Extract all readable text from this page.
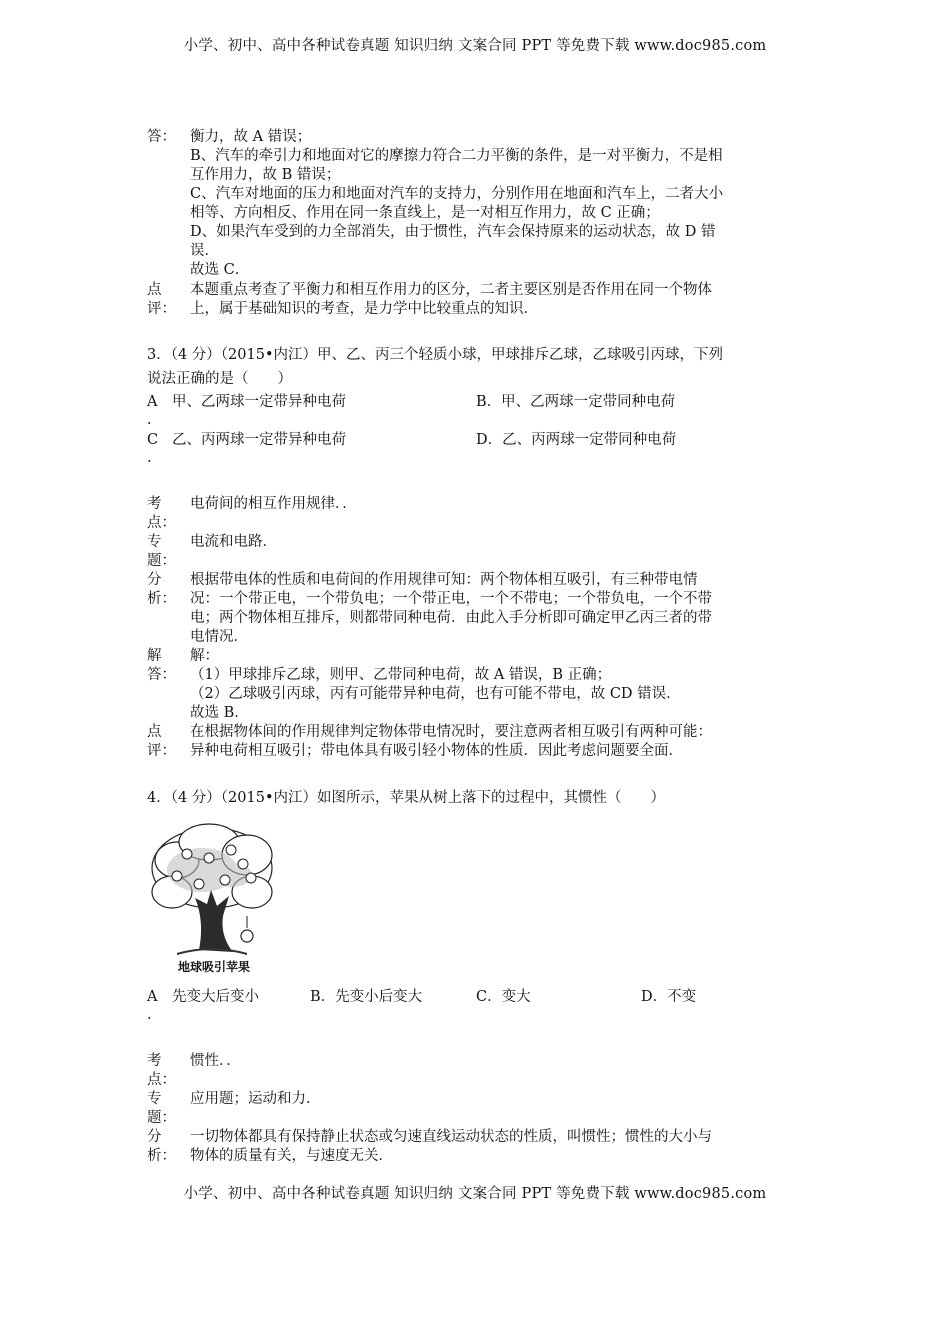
小学、初中、高中各种试卷真题 知识归纳 文案合同 PPT 等免费下载 www.doc985.com
答： 衡力，故 A 错误；
B、汽车的牵引力和地面对它的摩擦力符合二力平衡的条件，是一对平衡力，不是相
互作用力，故 B 错误；
C、汽车对地面的压力和地面对汽车的支持力，分别作用在地面和汽车上，二者大小
相等、方向相反、作用在同一条直线上，是一对相互作用力，故 C 正确；
D、如果汽车受到的力全部消失，由于惯性，汽车会保持原来的运动状态，故 D 错
误．
故选 C．
点
评：
本题重点考查了平衡力和相互作用力的区分，二者主要区别是否作用在同一个物体
上，属于基础知识的考查，是力学中比较重点的知识．
3．（4 分）（2015•内江）甲、乙、丙三个轻质小球，甲球排斥乙球，乙球吸引丙球，下列
说法正确的是（　　）
A
.
甲、乙两球一定带异种电荷	B．甲、乙两球一定带同种电荷
C
.
乙、丙两球一定带异种电荷	D．乙、丙两球一定带同种电荷
考
点：
电荷间的相互作用规律．．
专
题：
电流和电路．
分
析：
根据带电体的性质和电荷间的作用规律可知：两个物体相互吸引，有三种带电情
况：一个带正电，一个带负电；一个带正电，一个不带电；一个带负电，一个不带
电；两个物体相互排斥，则都带同种电荷．由此入手分析即可确定甲乙丙三者的带
电情况．
解
答：
解：
（1）甲球排斥乙球，则甲、乙带同种电荷，故 A 错误，B 正确；
（2）乙球吸引丙球，丙有可能带异种电荷，也有可能不带电，故 CD 错误．
故选 B．
点
评：
在根据物体间的作用规律判定物体带电情况时，要注意两者相互吸引有两种可能：
异种电荷相互吸引；带电体具有吸引轻小物体的性质．因此考虑问题要全面．
4．（4 分）（2015•内江）如图所示，苹果从树上落下的过程中，其惯性（　　）
地球吸引苹果
A
.
先变大后变小	B．先变小后变大	C．变大	D．不变
考
点：
惯性．．
专
题：
应用题；运动和力．
分
析：
一切物体都具有保持静止状态或匀速直线运动状态的性质，叫惯性；惯性的大小与
物体的质量有关，与速度无关．
小学、初中、高中各种试卷真题 知识归纳 文案合同 PPT 等免费下载 www.doc985.com
